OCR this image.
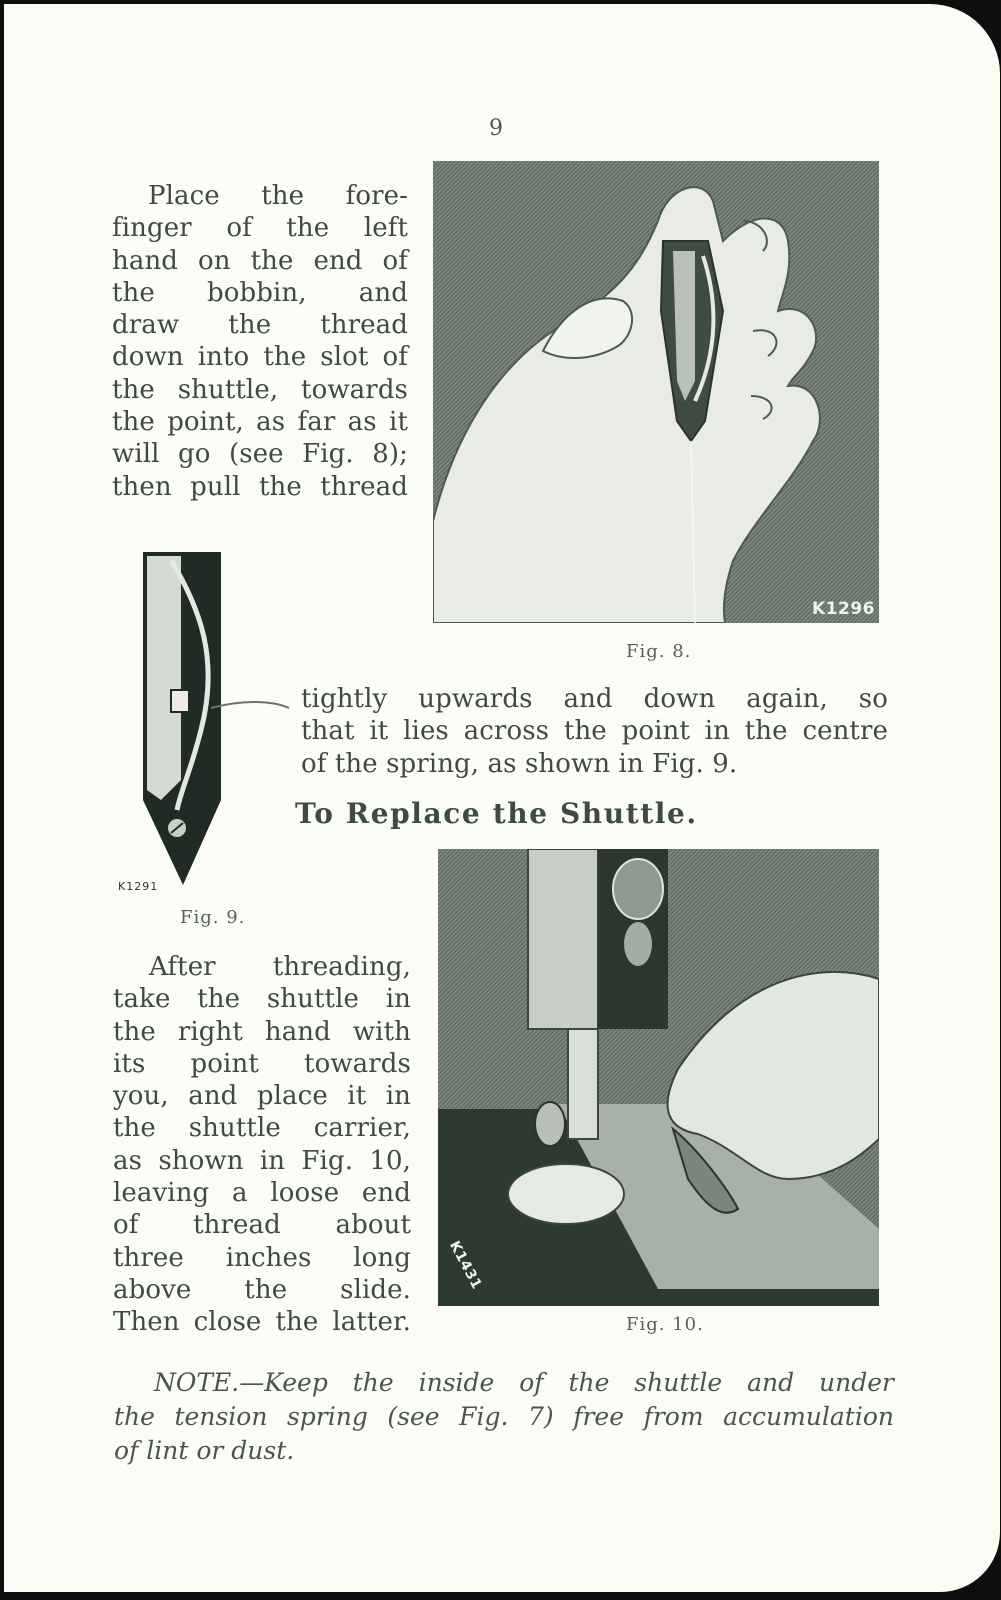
9
Place the fore-
finger of the left
hand on the end of
the bobbin, and
draw the thread
down into the slot of
the shuttle, towards
the point, as far as it
will go (see Fig. 8);
then pull the thread
K1296
Fig. 8.
K1291
Fig. 9.
tightly upwards and down again, so
that it lies across the point in the centre
of the spring, as shown in Fig. 9.
To Replace the Shuttle.
After threading,
take the shuttle in
the right hand with
its point towards
you, and place it in
the shuttle carrier,
as shown in Fig. 10,
leaving a loose end
of thread about
three inches long
above the slide.
Then close the latter.
K1431
Fig. 10.
NOTE.—Keep the inside of the shuttle and under
the tension spring (see Fig. 7) free from accumulation
of lint or dust.
